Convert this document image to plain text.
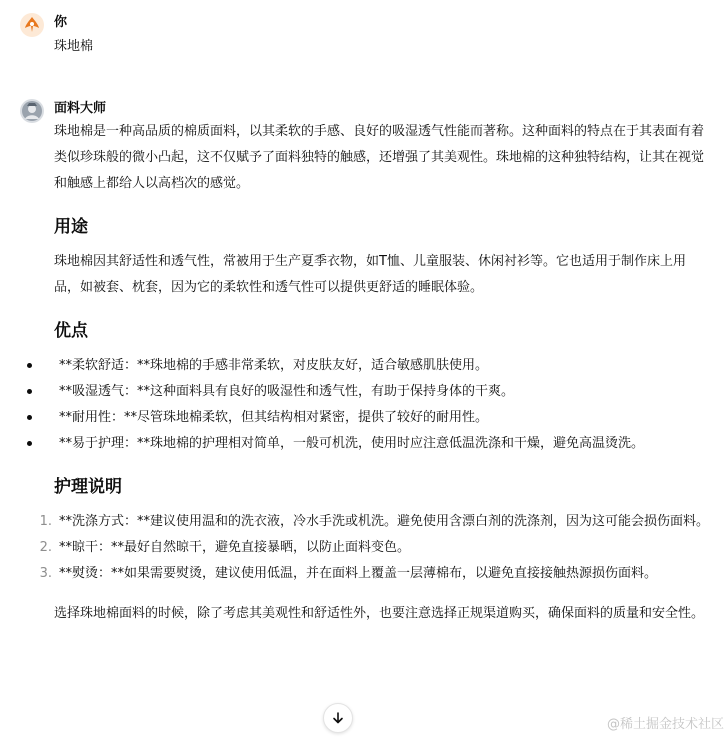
你
珠地棉
面料大师

珠地棉是一种高品质的棉质面料，以其柔软的手感、良好的吸湿透气性能而著称。这种面料的特点在于其表面有着类似珍珠般的微小凸起，这不仅赋予了面料独特的触感，还增强了其美观性。珠地棉的这种独特结构，让其在视觉和触感上都给人以高档次的感觉。

用途

珠地棉因其舒适性和透气性，常被用于生产夏季衣物，如T恤、儿童服装、休闲衬衫等。它也适用于制作床上用品，如被套、枕套，因为它的柔软性和透气性可以提供更舒适的睡眠体验。

优点
**柔软舒适：**珠地棉的手感非常柔软，对皮肤友好，适合敏感肌肤使用。
**吸湿透气：**这种面料具有良好的吸湿性和透气性，有助于保持身体的干爽。
**耐用性：**尽管珠地棉柔软，但其结构相对紧密，提供了较好的耐用性。
**易于护理：**珠地棉的护理相对简单，一般可机洗，使用时应注意低温洗涤和干燥，避免高温烫洗。
护理说明
1. **洗涤方式：**建议使用温和的洗衣液，冷水手洗或机洗。避免使用含漂白剂的洗涤剂，因为这可能会损伤面料。
2. **晾干：**最好自然晾干，避免直接暴晒，以防止面料变色。
3. **熨烫：**如果需要熨烫，建议使用低温，并在面料上覆盖一层薄棉布，以避免直接接触热源损伤面料。

选择珠地棉面料的时候，除了考虑其美观性和舒适性外，也要注意选择正规渠道购买，确保面料的质量和安全性。

@稀土掘金技术社区
